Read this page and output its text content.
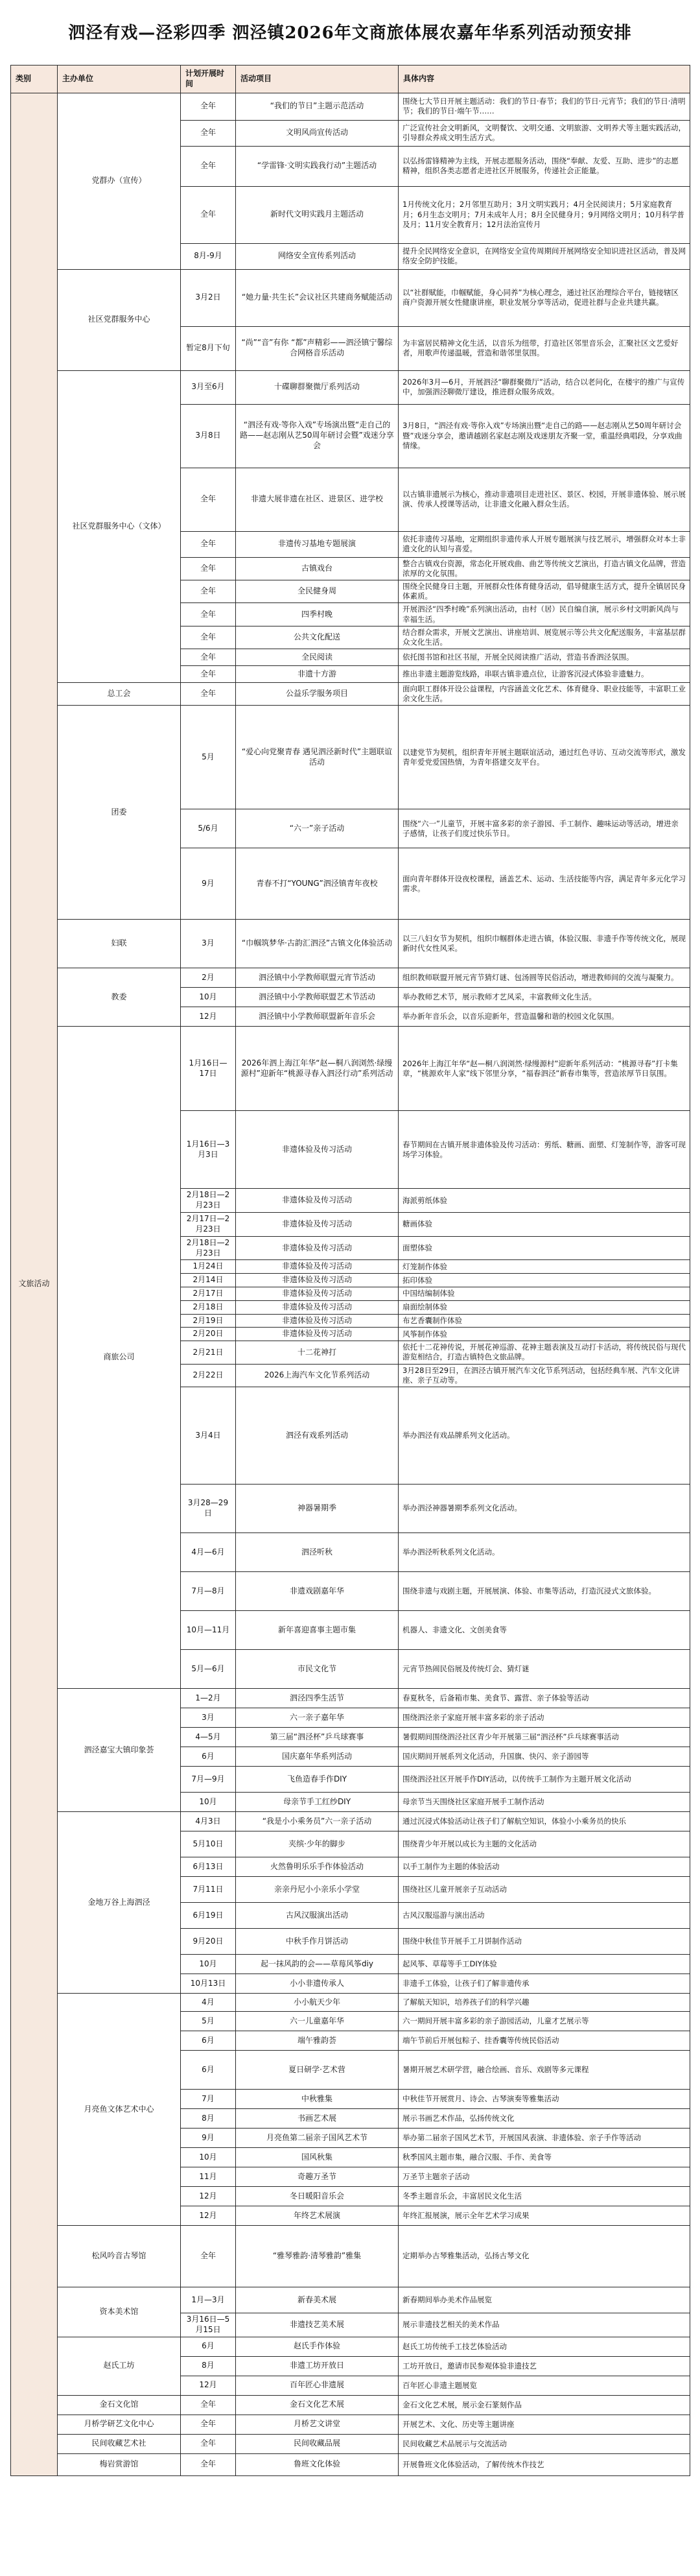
泗泾有戏—泾彩四季 泗泾镇2026年文商旅体展农嘉年华系列活动预安排
类别	主办单位	计划开展时间	活动项目	具体内容
文旅活动	党群办（宣传）	全年	“我们的节日”主题示范活动	围绕七大节日开展主题活动：我们的节日·春节；我们的节日·元宵节；我们的节日·清明节；我们的节日·端午节……
		全年	文明风尚宣传活动	广泛宣传社会文明新风，文明餐饮、文明交通、文明旅游、文明养犬等主题实践活动，引导群众养成文明生活方式。
		全年	“学雷锋·文明实践我行动”主题活动	以弘扬雷锋精神为主线，开展志愿服务活动，围绕“奉献、友爱、互助、进步”的志愿精神，组织各类志愿者走进社区开展服务，传递社会正能量。
		全年	新时代文明实践月主题活动	1月传统文化月；2月邻里互助月；3月文明实践月；4月全民阅读月；5月家庭教育月；6月生态文明月；7月未成年人月；8月全民健身月；9月网络文明月；10月科学普及月；11月安全教育月；12月法治宣传月
		8月-9月	网络安全宣传系列活动	提升全民网络安全意识，在网络安全宣传周期间开展网络安全知识进社区活动，普及网络安全防护技能。
	社区党群服务中心	3月2日	“她力量·共生长”会议社区共建商务赋能活动	以“社群赋能，巾帼赋能，身心同养”为核心理念，通过社区治理综合平台，链接辖区商户资源开展女性健康讲座，职业发展分享等活动，促进社群与企业共建共赢。
		暂定8月下旬	“尚”“音”有你 “都”声精彩——泗泾镇宁馨综合网格音乐活动	为丰富居民精神文化生活，以音乐为纽带，打造社区邻里音乐会，汇聚社区文艺爱好者，用歌声传递温暖，营造和谐邻里氛围。
	社区党群服务中心（文体）	3月至6月	十碟聊群聚微厅系列活动	2026年3月—6月，开展泗泾“聊群聚微厅”活动，结合以老问化，在楼宇的推广与宣传中，加强泗泾聊微厅建设，推进群众服务成效。
		3月8日	“泗泾有戏·等你入戏”专场演出暨“走自己的路——赵志刚从艺50周年研讨会暨”戏迷分享会	3月8日，“泗泾有戏·等你入戏”专场演出暨“走自己的路——赵志刚从艺50周年研讨会暨”戏迷分享会，邀请越剧名家赵志刚及戏迷朋友齐聚一堂，重温经典唱段，分享戏曲情缘。
		全年	非遗大展非遗在社区、进景区、进学校	以古镇非遗展示为核心，推动非遗项目走进社区、景区、校园，开展非遗体验、展示展演、传承人授课等活动，让非遗文化融入群众生活。
		全年	非遗传习基地专题展演	依托非遗传习基地，定期组织非遗传承人开展专题展演与技艺展示，增强群众对本土非遗文化的认知与喜爱。
		全年	古镇戏台	整合古镇戏台资源，常态化开展戏曲、曲艺等传统文艺演出，打造古镇文化品牌，营造浓厚的文化氛围。
		全年	全民健身周	围绕全民健身日主题，开展群众性体育健身活动，倡导健康生活方式，提升全镇居民身体素质。
		全年	四季村晚	开展泗泾“四季村晚”系列演出活动，由村（居）民自编自演，展示乡村文明新风尚与幸福生活。
		全年	公共文化配送	结合群众需求，开展文艺演出、讲座培训、展览展示等公共文化配送服务，丰富基层群众文化生活。
		全年	全民阅读	依托图书馆和社区书屋，开展全民阅读推广活动，营造书香泗泾氛围。
		全年	非遗十方游	推出非遗主题游览线路，串联古镇非遗点位，让游客沉浸式体验非遗魅力。
	总工会	全年	公益乐学服务项目	面向职工群体开设公益课程，内容涵盖文化艺术、体育健身、职业技能等，丰富职工业余文化生活。
	团委	5月	“爱心向党聚青春 遇见泗泾新时代”主题联谊活动	以建党节为契机，组织青年开展主题联谊活动，通过红色寻访、互动交流等形式，激发青年爱党爱国热情，为青年搭建交友平台。
		5/6月	“六一”亲子活动	围绕“六一”儿童节，开展丰富多彩的亲子游园、手工制作、趣味运动等活动，增进亲子感情，让孩子们度过快乐节日。
		9月	青春不打“YOUNG”泗泾镇青年夜校	面向青年群体开设夜校课程，涵盖艺术、运动、生活技能等内容，满足青年多元化学习需求。
	妇联	3月	“巾帼筑梦华·古韵汇泗泾”古镇文化体验活动	以三八妇女节为契机，组织巾帼群体走进古镇，体验汉服、非遗手作等传统文化，展现新时代女性风采。
	教委	2月	泗泾镇中小学教师联盟元宵节活动	组织教师联盟开展元宵节猜灯谜、包汤圆等民俗活动，增进教师间的交流与凝聚力。
		10月	泗泾镇中小学教师联盟艺术节活动	举办教师艺术节，展示教师才艺风采，丰富教师文化生活。
		12月	泗泾镇中小学教师联盟新年音乐会	举办新年音乐会，以音乐迎新年，营造温馨和谐的校园文化氛围。
	商旅公司	1月16日—17日	2026年泗上海江年华“赵—桐八润浏然·绿缦源村”迎新年“桃源寻春入泗泾行动”系列活动	2026年上海江年华“赵—桐八润浏然·绿缦源村”迎新年系列活动：“桃源寻春”打卡集章，“桃源欢年人家”线下邻里分享，“福春泗泾”新春市集等，营造浓厚节日氛围。
		1月16日—3月3日	非遗体验及传习活动	春节期间在古镇开展非遗体验及传习活动：剪纸、糖画、面塑、灯笼制作等，游客可现场学习体验。
		2月18日—2月23日	非遗体验及传习活动	海派剪纸体验
		2月17日—2月23日	非遗体验及传习活动	糖画体验
		2月18日—2月23日	非遗体验及传习活动	面塑体验
		1月24日	非遗体验及传习活动	灯笼制作体验
		2月14日	非遗体验及传习活动	拓印体验
		2月17日	非遗体验及传习活动	中国结编制体验
		2月18日	非遗体验及传习活动	扇面绘制体验
		2月19日	非遗体验及传习活动	布艺香囊制作体验
		2月20日	非遗体验及传习活动	风筝制作体验
		2月21日	十二花神打	依托十二花神传说，开展花神巡游、花神主题表演及互动打卡活动，将传统民俗与现代游览相结合，打造古镇特色文旅品牌。
		2月22日	2026上海汽车文化节系列活动	3月28日至29日，在泗泾古镇开展汽车文化节系列活动，包括经典车展、汽车文化讲座、亲子互动等。
		3月4日	泗泾有戏系列活动	举办泗泾有戏品牌系列文化活动。
		3月28—29日	神器暑期季	举办泗泾神器暑期季系列文化活动。
		4月—6月	泗泾听秋	举办泗泾听秋系列文化活动。
		7月—8月	非遗戏剧嘉年华	围绕非遗与戏剧主题，开展展演、体验、市集等活动，打造沉浸式文旅体验。
		10月—11月	新年喜迎喜事主题市集	机器人、非遗文化、文创美食等
		5月—6月	市民文化节	元宵节热闹民俗展及传统灯会、猜灯谜
	泗泾嘉宝大镇印象荟	1—2月	泗泾四季生活节	春夏秋冬，后备箱市集、美食节、露营、亲子体验等活动
		3月	六一亲子嘉年华	围绕泗泾亲子家庭开展丰富多彩的亲子活动
		4—5月	第三届“泗泾杯”乒乓球赛事	暑假期间围绕泗泾社区青少年开展第三届“泗泾杯”乒乓球赛事活动
		6月	国庆嘉年华系列活动	国庆期间开展系列文化活动，升国旗、快闪、亲子游园等
		7月—9月	飞鱼造春手作DIY	围绕泗泾社区开展手作DIY活动，以传统手工制作为主题开展文化活动
		10月	母亲节手工红纱DIY	母亲节当天围绕社区家庭开展手工制作活动
	金地万谷上海泗泾	4月3日	“我是小小乘务员”六一亲子活动	通过沉浸式体验活动让孩子们了解航空知识，体验小小乘务员的快乐
		5月10日	夹缤·少年的脚步	围绕青少年开展以成长为主题的文化活动
		6月13日	火然鲁明乐乐手作体验活动	以手工制作为主题的体验活动
		7月11日	亲亲丹尼小小亲乐小学堂	围绕社区儿童开展亲子互动活动
		6月19日	古风汉服演出活动	古风汉服巡游与演出活动
		9月20日	中秋手作月饼活动	围绕中秋佳节开展手工月饼制作活动
		10月	起一抹风韵的会——草莓风筝diy	起风筝、草莓等手工DIY体验
		10月13日	小小非遗传承人	非遗手工体验，让孩子们了解非遗传承
	月亮鱼文体艺术中心	4月	小小航天少年	了解航天知识，培养孩子们的科学兴趣
		5月	六一儿童嘉年华	六一期间开展丰富多彩的亲子游园活动，儿童才艺展示等
		6月	端午雅韵荟	端午节前后开展包粽子、挂香囊等传统民俗活动
		6月	夏日研学·艺术营	暑期开展艺术研学营，融合绘画、音乐、戏剧等多元课程
		7月	中秋雅集	中秋佳节开展赏月、诗会、古琴演奏等雅集活动
		8月	书画艺术展	展示书画艺术作品，弘扬传统文化
		9月	月亮鱼第二届亲子国风艺术节	举办第二届亲子国风艺术节，开展国风表演、非遗体验、亲子手作等活动
		10月	国风秋集	秋季国风主题市集，融合汉服、手作、美食等
		11月	奇趣万圣节	万圣节主题亲子活动
		12月	冬日暖阳音乐会	冬季主题音乐会，丰富居民文化生活
		12月	年终艺术展演	年终汇报展演，展示全年艺术学习成果
	松风吟音古琴馆	全年	“雅琴雅韵·清琴雅韵”雅集	定期举办古琴雅集活动，弘扬古琴文化
	资本美术馆	1月—3月	新春美术展	新春期间举办美术作品展览
		3月16日—5月15日	非遗技艺美术展	展示非遗技艺相关的美术作品
	赵氏工坊	6月	赵氏手作体验	赵氏工坊传统手工技艺体验活动
		8月	非遗工坊开放日	工坊开放日，邀请市民参观体验非遗技艺
		12月	百年匠心非遗展	百年匠心非遗主题展览
	金石文化馆	全年	金石文化艺术展	金石文化艺术展，展示金石篆刻作品
	月桥学研艺文化中心	全年	月桥艺文讲堂	开展艺术、文化、历史等主题讲座
	民间收藏艺术社	全年	民间收藏品展	民间收藏艺术品展示与交流活动
	梅岩赏游馆	全年	鲁班文化体验	开展鲁班文化体验活动，了解传统木作技艺
